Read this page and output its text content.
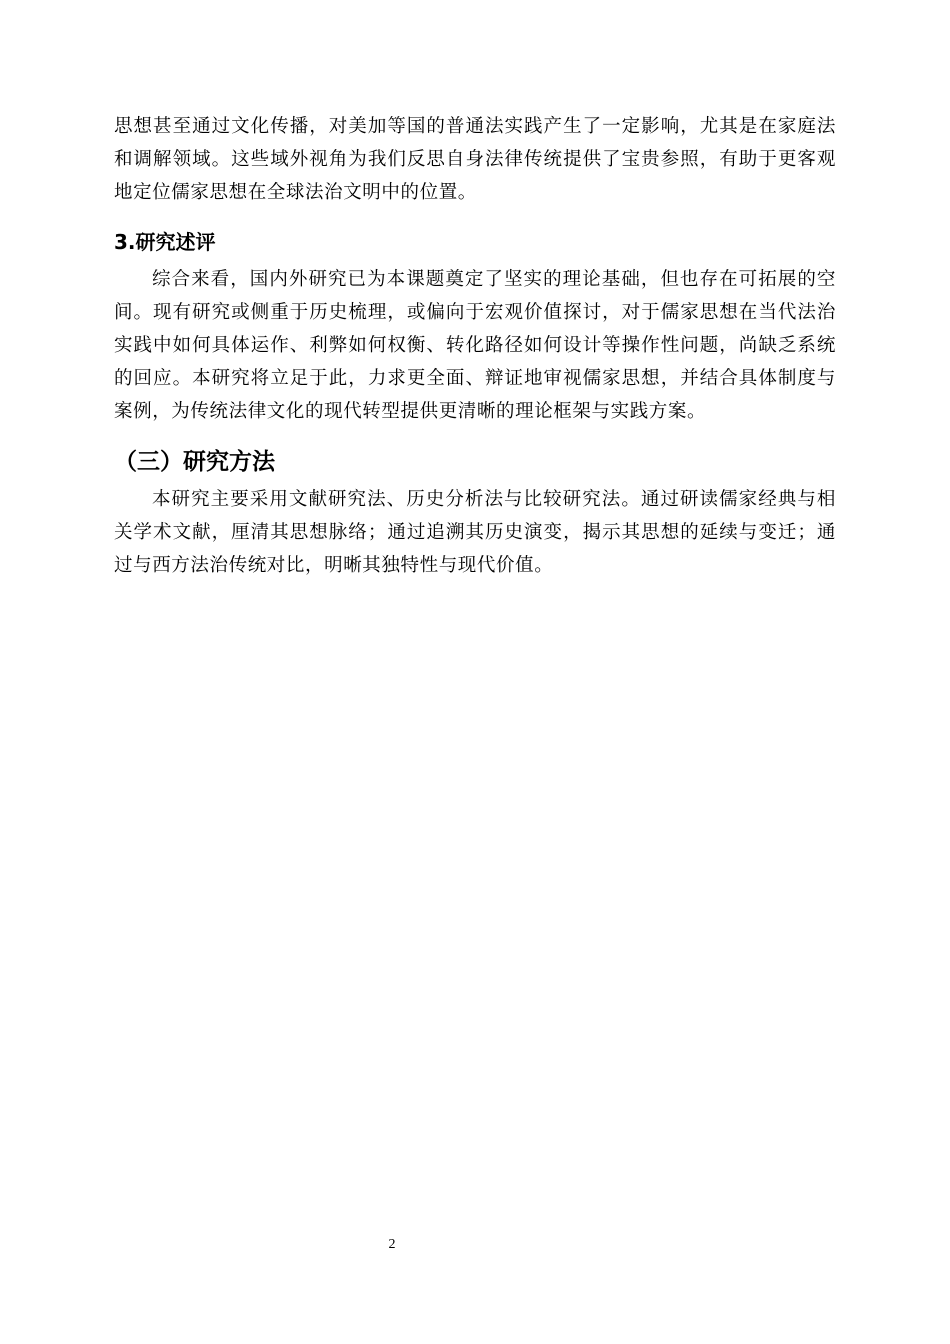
思想甚至通过文化传播，对美加等国的普通法实践产生了一定影响，尤其是在家庭法和调解领域。这些域外视角为我们反思自身法律传统提供了宝贵参照，有助于更客观地定位儒家思想在全球法治文明中的位置。

3.研究述评

综合来看，国内外研究已为本课题奠定了坚实的理论基础，但也存在可拓展的空间。现有研究或侧重于历史梳理，或偏向于宏观价值探讨，对于儒家思想在当代法治实践中如何具体运作、利弊如何权衡、转化路径如何设计等操作性问题，尚缺乏系统的回应。本研究将立足于此，力求更全面、辩证地审视儒家思想，并结合具体制度与案例，为传统法律文化的现代转型提供更清晰的理论框架与实践方案。

（三）研究方法

本研究主要采用文献研究法、历史分析法与比较研究法。通过研读儒家经典与相关学术文献，厘清其思想脉络；通过追溯其历史演变，揭示其思想的延续与变迁；通过与西方法治传统对比，明晰其独特性与现代价值。

2
